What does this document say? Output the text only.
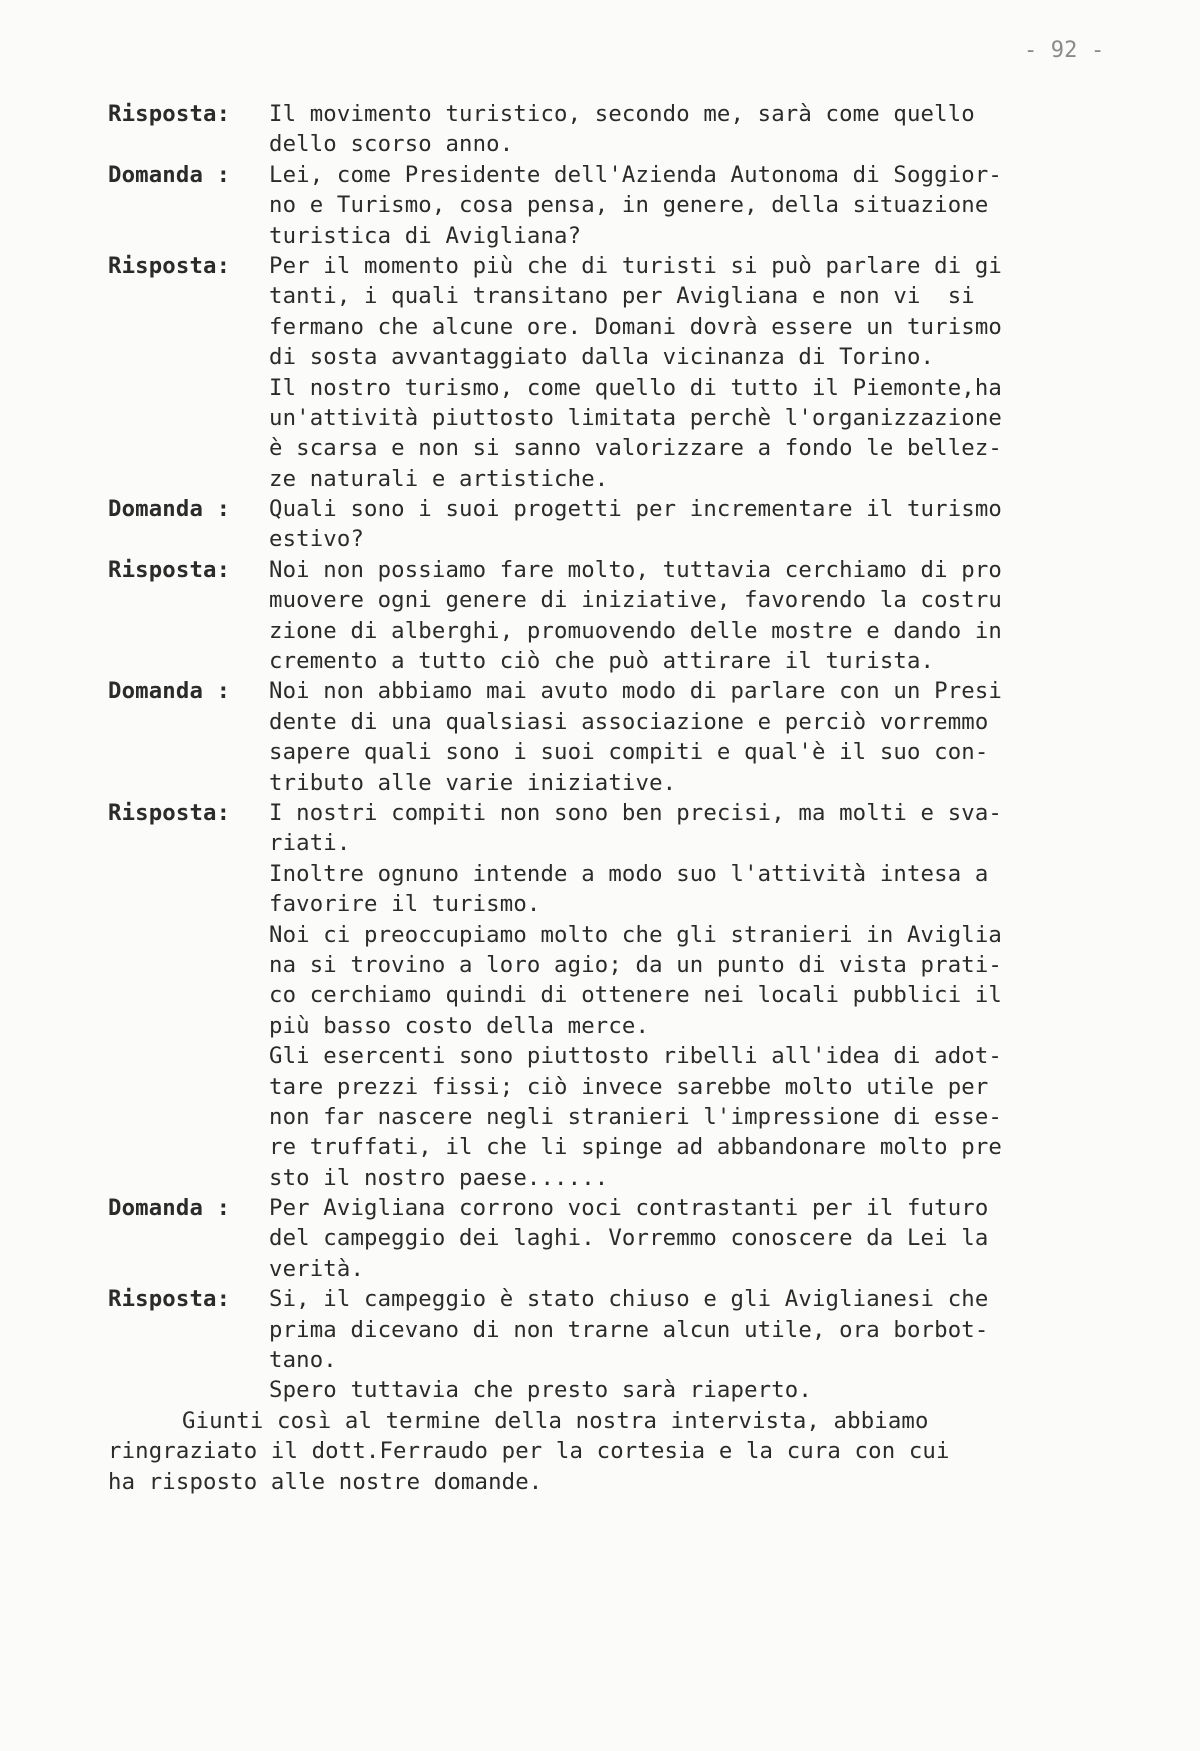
- 92 -
Risposta: Il movimento turistico, secondo me, sarà come quello
dello scorso anno.
Domanda : Lei, come Presidente dell'Azienda Autonoma di Soggior-
no e Turismo, cosa pensa, in genere, della situazione
turistica di Avigliana?
Risposta: Per il momento più che di turisti si può parlare di gi
tanti, i quali transitano per Avigliana e non vi  si
fermano che alcune ore. Domani dovrà essere un turismo
di sosta avvantaggiato dalla vicinanza di Torino.
Il nostro turismo, come quello di tutto il Piemonte,ha
un'attività piuttosto limitata perchè l'organizzazione
è scarsa e non si sanno valorizzare a fondo le bellez-
ze naturali e artistiche.
Domanda : Quali sono i suoi progetti per incrementare il turismo
estivo?
Risposta: Noi non possiamo fare molto, tuttavia cerchiamo di pro
muovere ogni genere di iniziative, favorendo la costru
zione di alberghi, promuovendo delle mostre e dando in
cremento a tutto ciò che può attirare il turista.
Domanda : Noi non abbiamo mai avuto modo di parlare con un Presi
dente di una qualsiasi associazione e perciò vorremmo
sapere quali sono i suoi compiti e qual'è il suo con-
tributo alle varie iniziative.
Risposta: I nostri compiti non sono ben precisi, ma molti e sva-
riati.
Inoltre ognuno intende a modo suo l'attività intesa a
favorire il turismo.
Noi ci preoccupiamo molto che gli stranieri in Aviglia
na si trovino a loro agio; da un punto di vista prati-
co cerchiamo quindi di ottenere nei locali pubblici il
più basso costo della merce.
Gli esercenti sono piuttosto ribelli all'idea di adot-
tare prezzi fissi; ciò invece sarebbe molto utile per
non far nascere negli stranieri l'impressione di esse-
re truffati, il che li spinge ad abbandonare molto pre
sto il nostro paese......
Domanda : Per Avigliana corrono voci contrastanti per il futuro
del campeggio dei laghi. Vorremmo conoscere da Lei la
verità.
Risposta: Si, il campeggio è stato chiuso e gli Aviglianesi che
prima dicevano di non trarne alcun utile, ora borbot-
tano.
Spero tuttavia che presto sarà riaperto.
Giunti così al termine della nostra intervista, abbiamo
ringraziato il dott.Ferraudo per la cortesia e la cura con cui
ha risposto alle nostre domande.
